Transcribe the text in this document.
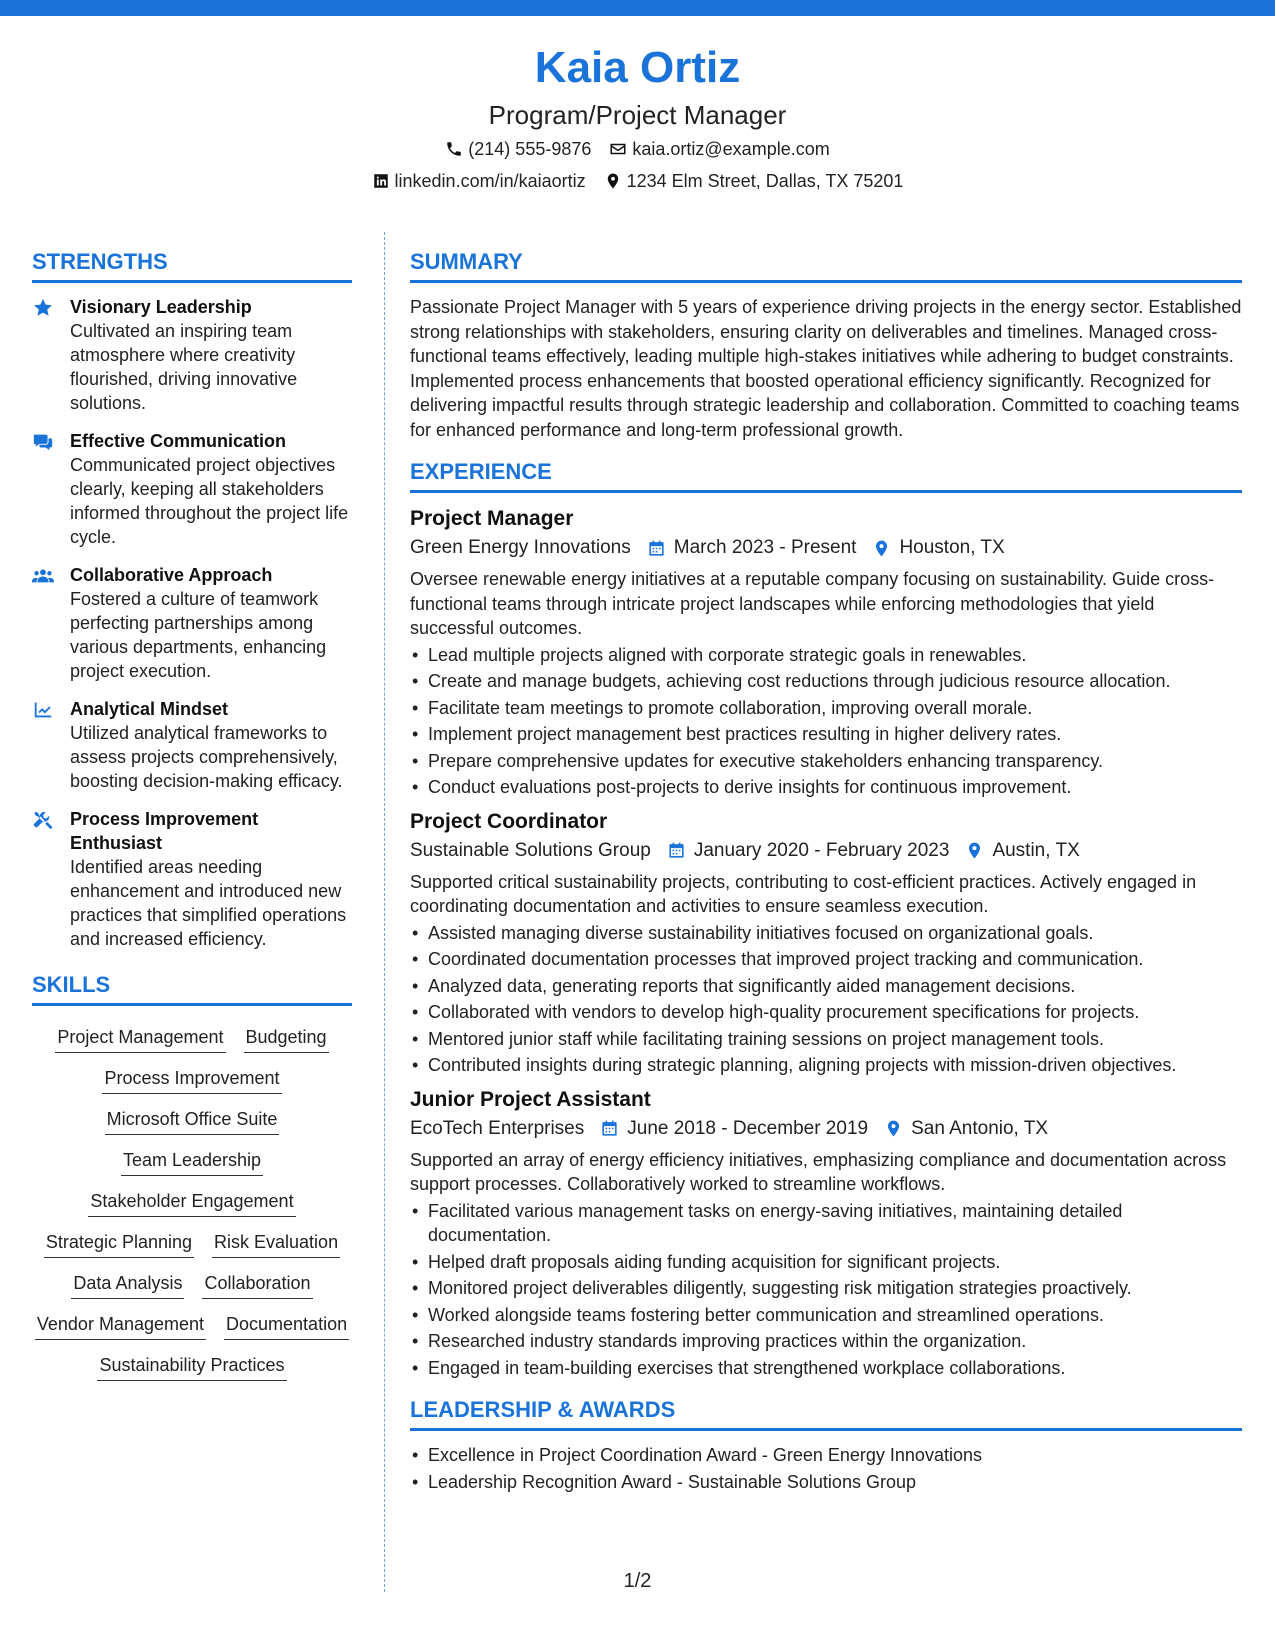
Kaia Ortiz
Program/Project Manager
(214) 555-9876 kaia.ortiz@example.com
linkedin.com/in/kaiaortiz 1234 Elm Street, Dallas, TX 75201
STRENGTHS
Visionary Leadership
Cultivated an inspiring team atmosphere where creativity flourished, driving innovative solutions.
Effective Communication
Communicated project objectives clearly, keeping all stakeholders informed throughout the project life cycle.
Collaborative Approach
Fostered a culture of teamwork perfecting partnerships among various departments, enhancing project execution.
Analytical Mindset
Utilized analytical frameworks to assess projects comprehensively, boosting decision-making efficacy.
Process Improvement Enthusiast
Identified areas needing enhancement and introduced new practices that simplified operations and increased efficiency.
SKILLS
Project Management Budgeting
Process Improvement
Microsoft Office Suite
Team Leadership
Stakeholder Engagement
Strategic Planning Risk Evaluation
Data Analysis Collaboration
Vendor Management Documentation
Sustainability Practices
SUMMARY
Passionate Project Manager with 5 years of experience driving projects in the energy sector. Established strong relationships with stakeholders, ensuring clarity on deliverables and timelines. Managed cross-functional teams effectively, leading multiple high-stakes initiatives while adhering to budget constraints. Implemented process enhancements that boosted operational efficiency significantly. Recognized for delivering impactful results through strategic leadership and collaboration. Committed to coaching teams for enhanced performance and long-term professional growth.
EXPERIENCE
Project Manager
Green Energy Innovations March 2023 - Present Houston, TX
Oversee renewable energy initiatives at a reputable company focusing on sustainability. Guide cross-functional teams through intricate project landscapes while enforcing methodologies that yield successful outcomes.
• Lead multiple projects aligned with corporate strategic goals in renewables.
• Create and manage budgets, achieving cost reductions through judicious resource allocation.
• Facilitate team meetings to promote collaboration, improving overall morale.
• Implement project management best practices resulting in higher delivery rates.
• Prepare comprehensive updates for executive stakeholders enhancing transparency.
• Conduct evaluations post-projects to derive insights for continuous improvement.
Project Coordinator
Sustainable Solutions Group January 2020 - February 2023 Austin, TX
Supported critical sustainability projects, contributing to cost-efficient practices. Actively engaged in coordinating documentation and activities to ensure seamless execution.
• Assisted managing diverse sustainability initiatives focused on organizational goals.
• Coordinated documentation processes that improved project tracking and communication.
• Analyzed data, generating reports that significantly aided management decisions.
• Collaborated with vendors to develop high-quality procurement specifications for projects.
• Mentored junior staff while facilitating training sessions on project management tools.
• Contributed insights during strategic planning, aligning projects with mission-driven objectives.
Junior Project Assistant
EcoTech Enterprises June 2018 - December 2019 San Antonio, TX
Supported an array of energy efficiency initiatives, emphasizing compliance and documentation across support processes. Collaboratively worked to streamline workflows.
• Facilitated various management tasks on energy-saving initiatives, maintaining detailed documentation.
• Helped draft proposals aiding funding acquisition for significant projects.
• Monitored project deliverables diligently, suggesting risk mitigation strategies proactively.
• Worked alongside teams fostering better communication and streamlined operations.
• Researched industry standards improving practices within the organization.
• Engaged in team-building exercises that strengthened workplace collaborations.
LEADERSHIP & AWARDS
• Excellence in Project Coordination Award - Green Energy Innovations
• Leadership Recognition Award - Sustainable Solutions Group
1/2
